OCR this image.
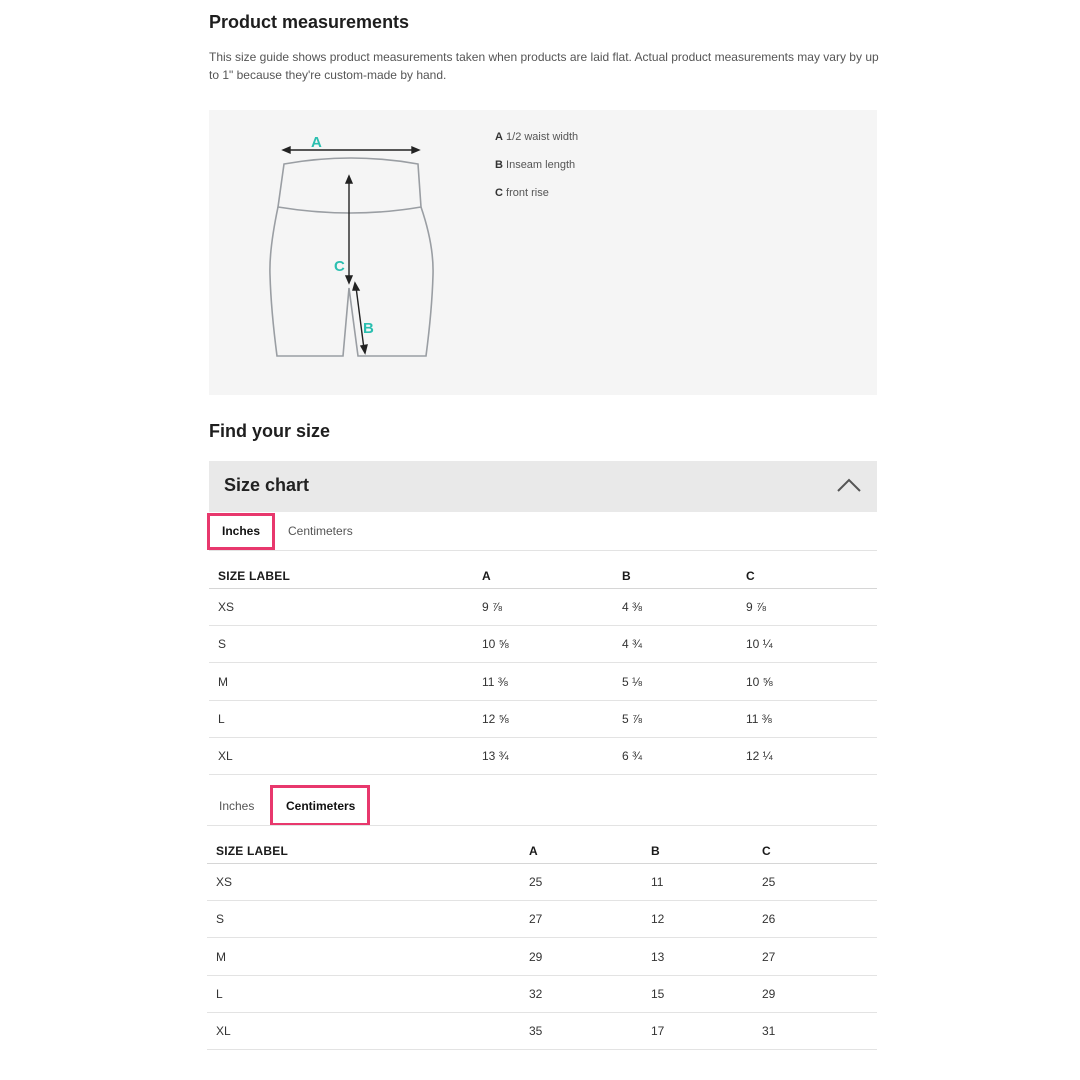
Product measurements
This size guide shows product measurements taken when products are laid flat. Actual product measurements may vary by up to 1" because they're custom-made by hand.
A
C
B
A 1/2 waist width
B Inseam length
C front rise
Find your size
Size chart
Inches Centimeters
SIZE LABEL	A	B	C
XS	9 ⅞	4 ⅜	9 ⅞
S	10 ⅝	4 ¾	10 ¼
M	11 ⅜	5 ⅛	10 ⅝
L	12 ⅝	5 ⅞	11 ⅜
XL	13 ¾	6 ¾	12 ¼
Inches	Centimeters
SIZE LABEL	A	B	C
XS	25	11	25
S	27	12	26
M	29	13	27
L	32	15	29
XL	35	17	31
